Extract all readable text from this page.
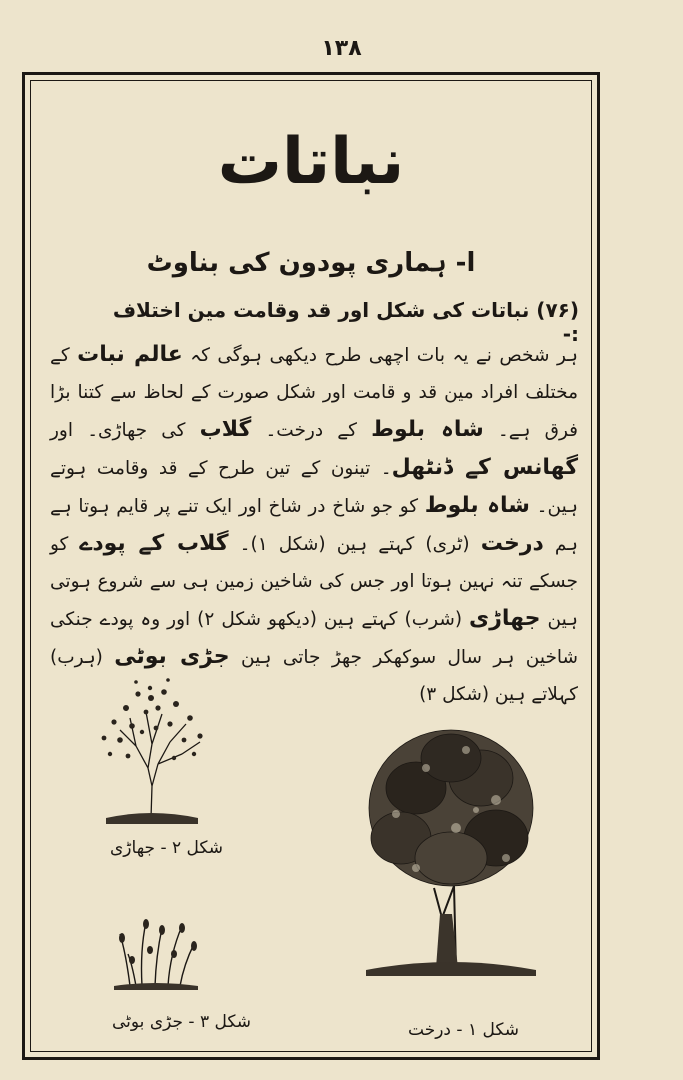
۱۳۸
نباتات
ا- ہماری پودون کی بناوٹ
(۷۶) نباتات کی شکل اور قد وقامت مین اختلاف :-
ہر شخص نے یہ بات اچھی طرح دیکھی ہوگی کہ عالم نبات کے مختلف افراد مین قد و قامت اور شکل صورت کے لحاظ سے کتنا بڑا فرق ہے۔ شاہ بلوط کے درخت۔ گلاب کی جھاڑی۔ اور گھانس کے ڈنٹھل۔ تینون کے تین طرح کے قد وقامت ہوتے ہین۔ شاہ بلوط کو جو شاخ در شاخ اور ایک تنے پر قایم ہوتا ہے ہم درخت (ٹری) کہتے ہین (شکل ۱)۔ گلاب کے پودے کو جسکے تنہ نہین ہوتا اور جس کی شاخین زمین ہی سے شروع ہوتی ہین جھاڑی (شرب) کہتے ہین (دیکھو شکل ۲) اور وہ پودے جنکی شاخین ہر سال سوکھکر جھڑ جاتی ہین جڑی بوٹی (ہرب) کہلاتے ہین (شکل ۳)
شکل ۲ - جھاڑی
شکل ۱ - درخت
شکل ۳ - جڑی بوٹی
